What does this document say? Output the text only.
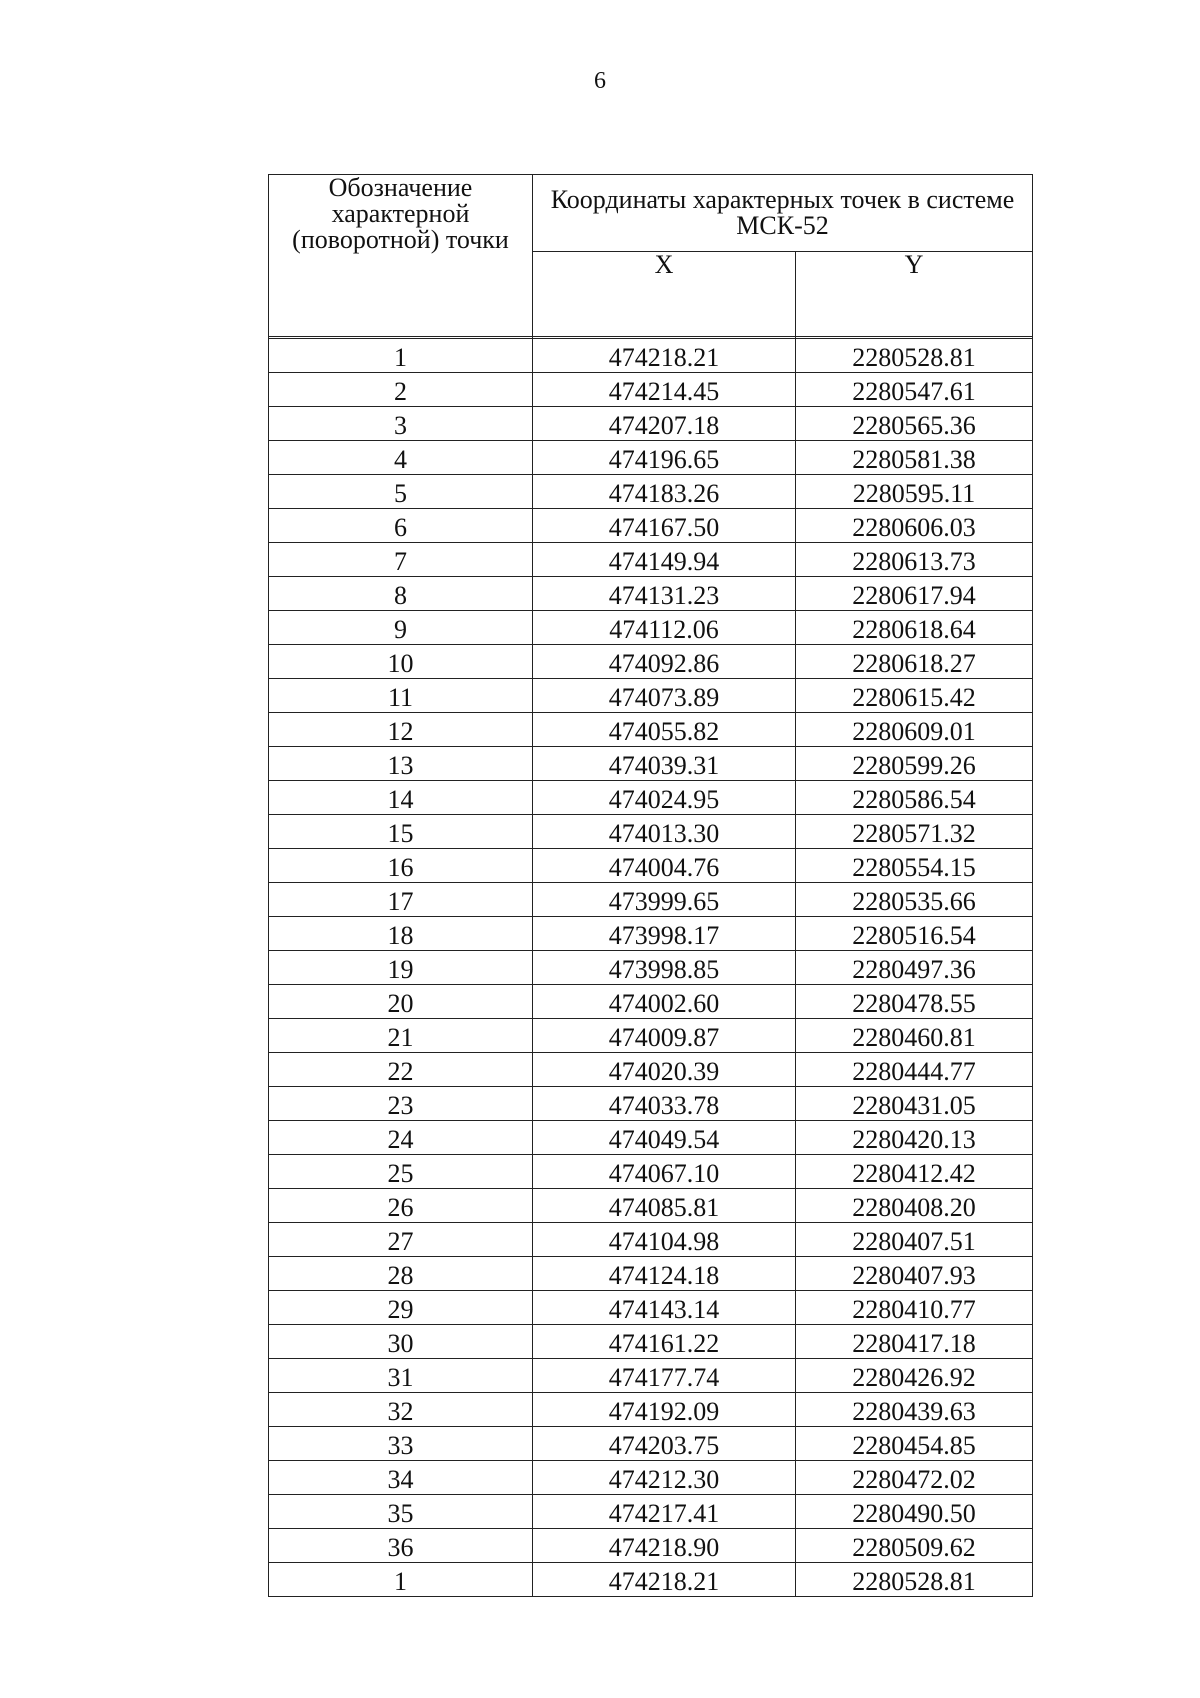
6
Обозначение характерной (поворотной) точки	Координаты характерных точек в системе МСК-52	
	X	Y

1	474218.21	2280528.81
2	474214.45	2280547.61
3	474207.18	2280565.36
4	474196.65	2280581.38
5	474183.26	2280595.11
6	474167.50	2280606.03
7	474149.94	2280613.73
8	474131.23	2280617.94
9	474112.06	2280618.64
10	474092.86	2280618.27
11	474073.89	2280615.42
12	474055.82	2280609.01
13	474039.31	2280599.26
14	474024.95	2280586.54
15	474013.30	2280571.32
16	474004.76	2280554.15
17	473999.65	2280535.66
18	473998.17	2280516.54
19	473998.85	2280497.36
20	474002.60	2280478.55
21	474009.87	2280460.81
22	474020.39	2280444.77
23	474033.78	2280431.05
24	474049.54	2280420.13
25	474067.10	2280412.42
26	474085.81	2280408.20
27	474104.98	2280407.51
28	474124.18	2280407.93
29	474143.14	2280410.77
30	474161.22	2280417.18
31	474177.74	2280426.92
32	474192.09	2280439.63
33	474203.75	2280454.85
34	474212.30	2280472.02
35	474217.41	2280490.50
36	474218.90	2280509.62
1	474218.21	2280528.81
